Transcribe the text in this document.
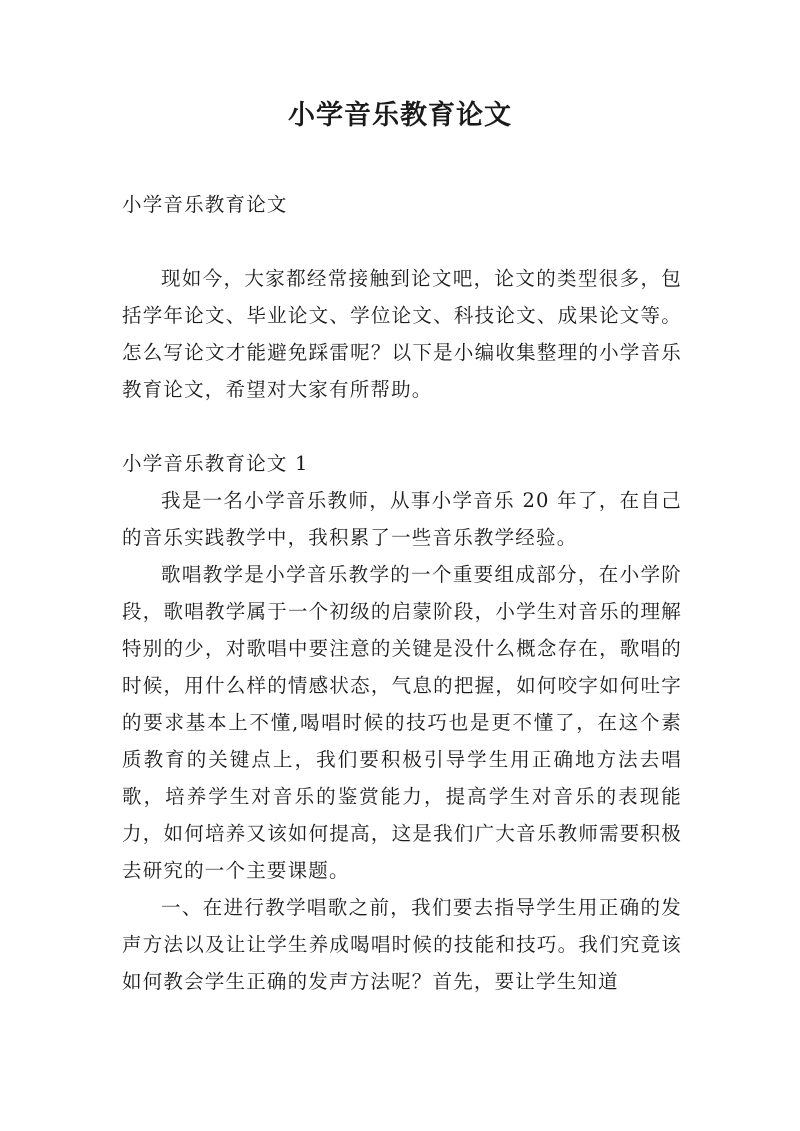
小学音乐教育论文

小学音乐教育论文

现如今，大家都经常接触到论文吧，论文的类型很多，包括学年论文、毕业论文、学位论文、科技论文、成果论文等。怎么写论文才能避免踩雷呢？以下是小编收集整理的小学音乐教育论文，希望对大家有所帮助。

小学音乐教育论文 1

我是一名小学音乐教师，从事小学音乐 20 年了，在自己的音乐实践教学中，我积累了一些音乐教学经验。

歌唱教学是小学音乐教学的一个重要组成部分，在小学阶段，歌唱教学属于一个初级的启蒙阶段，小学生对音乐的理解特别的少，对歌唱中要注意的关键是没什么概念存在，歌唱的时候，用什么样的情感状态，气息的把握，如何咬字如何吐字的要求基本上不懂,喝唱时候的技巧也是更不懂了，在这个素质教育的关键点上，我们要积极引导学生用正确地方法去唱歌，培养学生对音乐的鉴赏能力，提高学生对音乐的表现能力，如何培养又该如何提高，这是我们广大音乐教师需要积极去研究的一个主要课题。

一、在进行教学唱歌之前，我们要去指导学生用正确的发声方法以及让让学生养成喝唱时候的技能和技巧。我们究竟该如何教会学生正确的发声方法呢？首先，要让学生知道
